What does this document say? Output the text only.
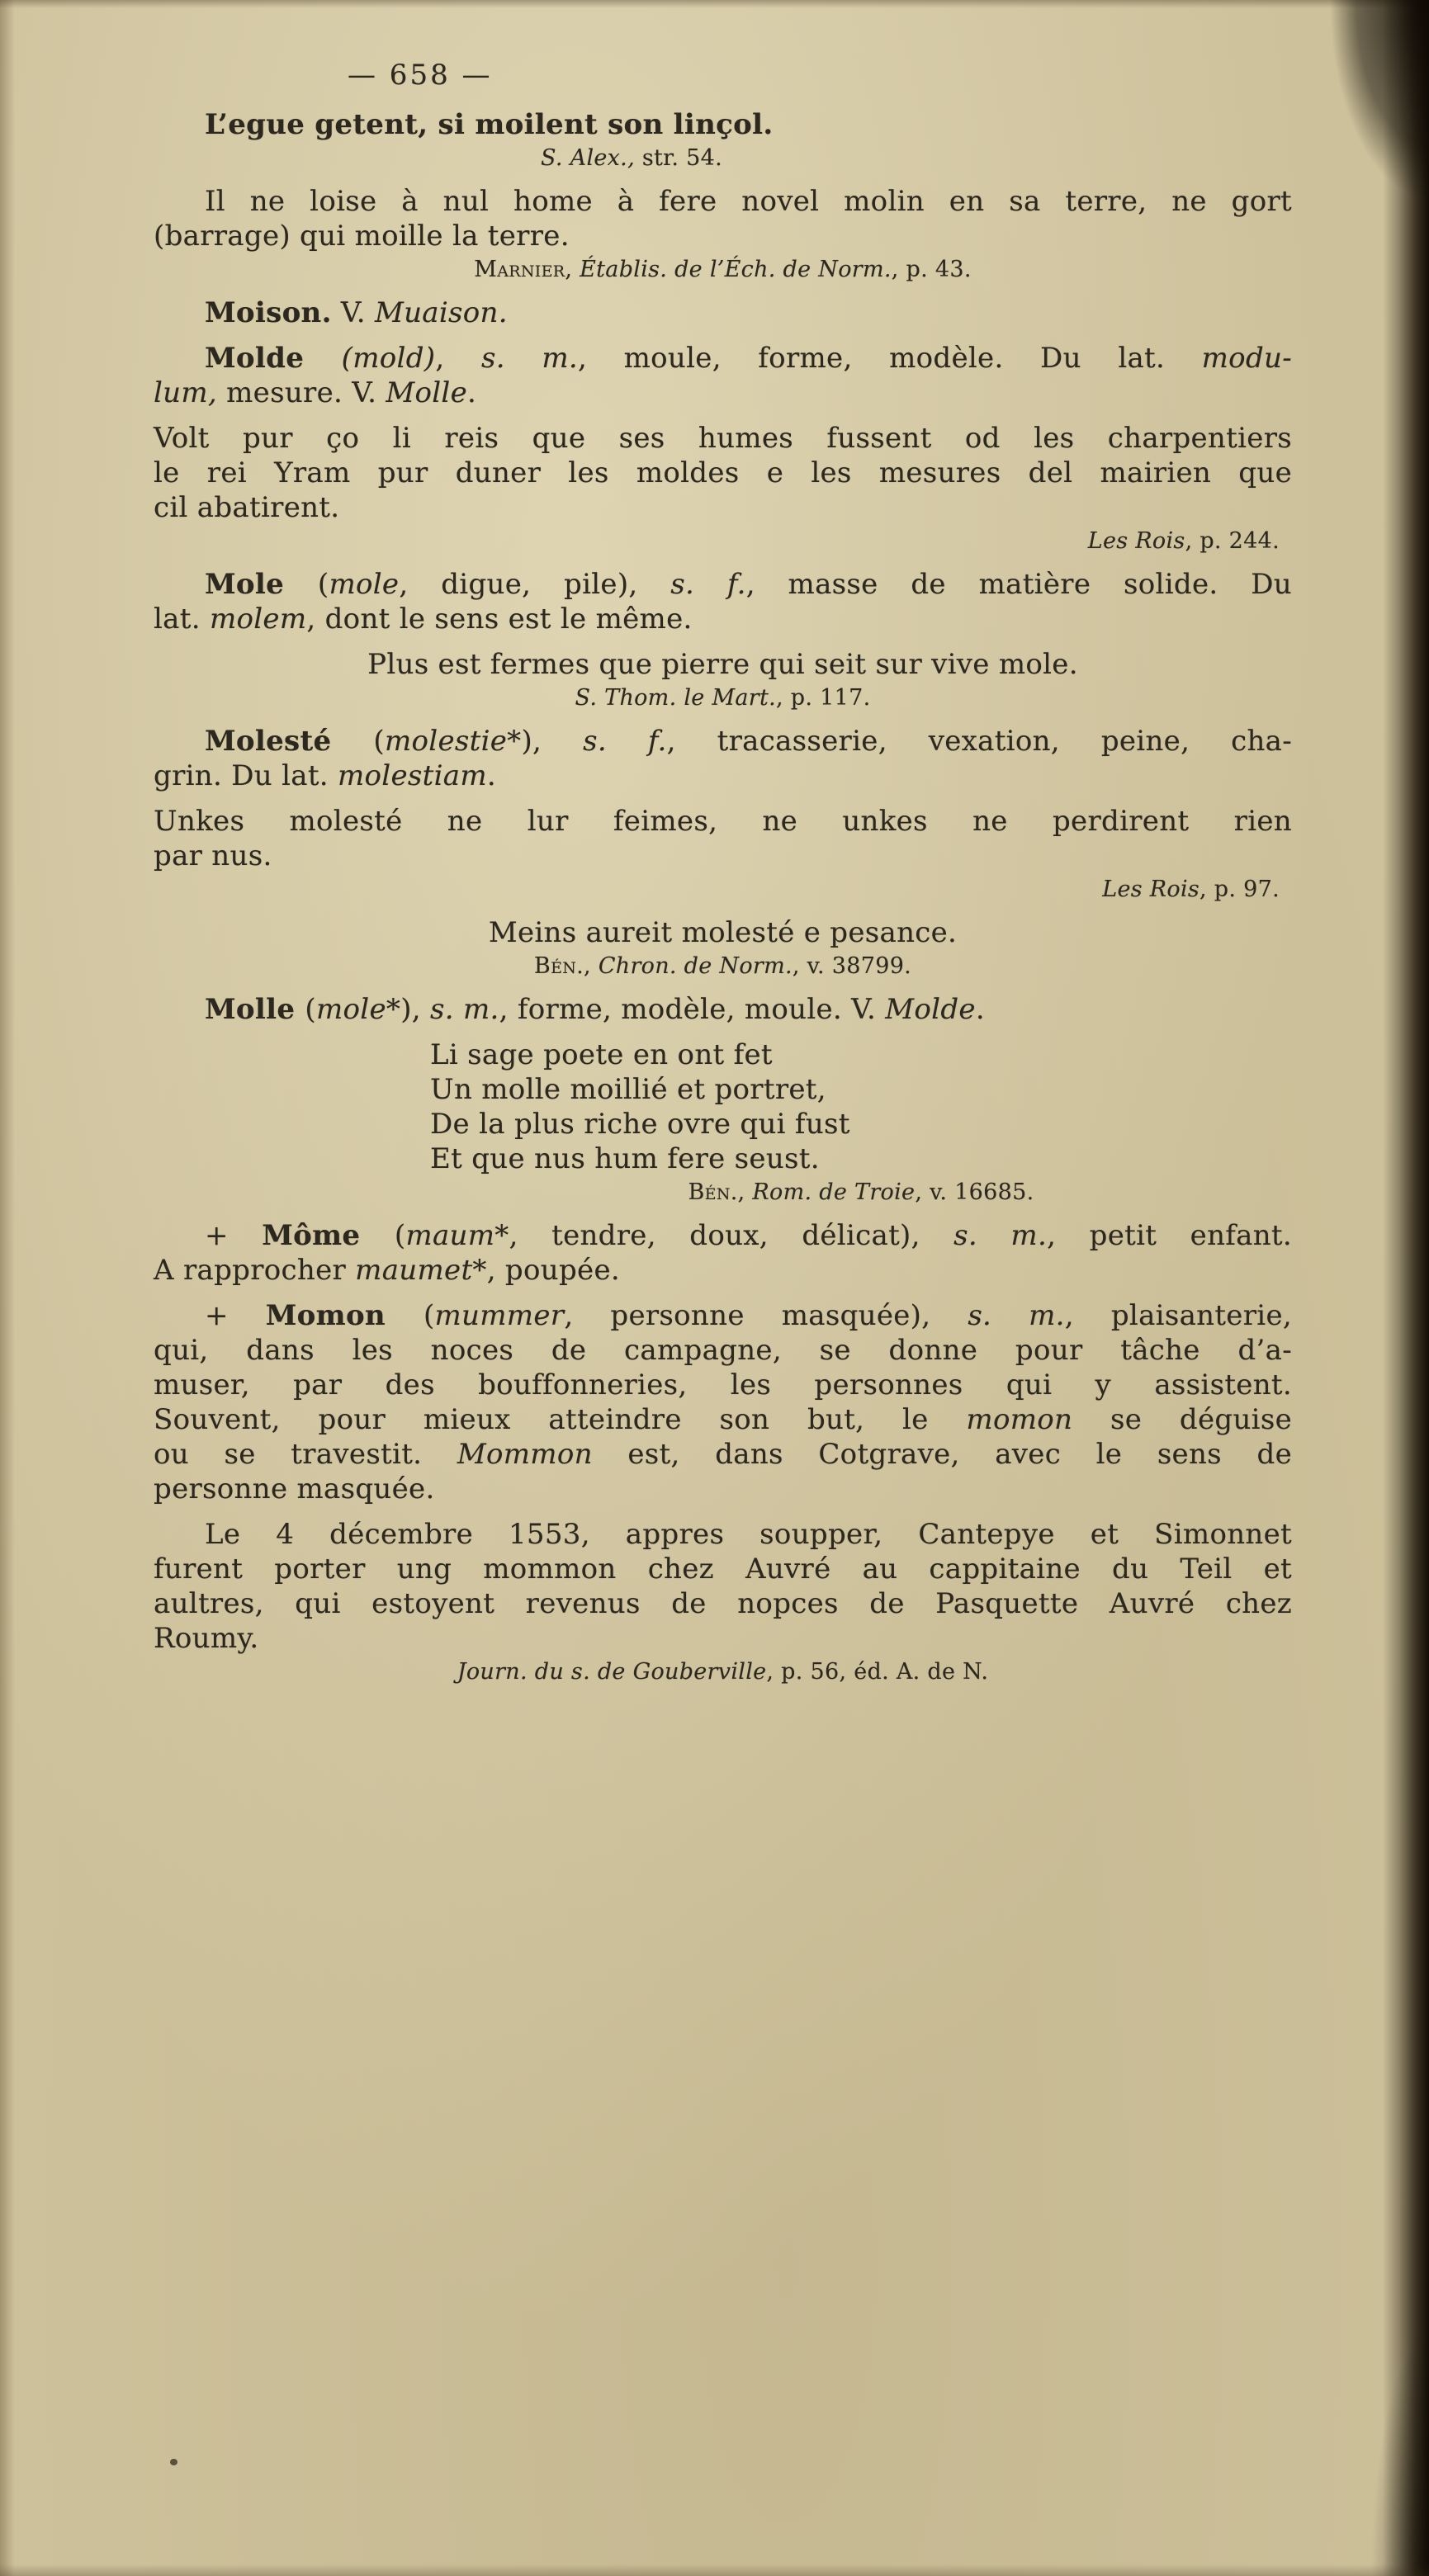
— 658 —
L’egue getent, si moilent son linçol.
S. Alex., str. 54.
Il ne loise à nul home à fere novel molin en sa terre, ne gort
(barrage) qui moille la terre.
Marnier, Établis. de l’Éch. de Norm., p. 43.
Moison. V. Muaison.
Molde (mold), s. m., moule, forme, modèle. Du lat. modu-
lum, mesure. V. Molle.
Volt pur ço li reis que ses humes fussent od les charpentiers
le rei Yram pur duner les moldes e les mesures del mairien que
cil abatirent.
Les Rois, p. 244.
Mole (mole, digue, pile), s. f., masse de matière solide. Du
lat. molem, dont le sens est le même.
Plus est fermes que pierre qui seit sur vive mole.
S. Thom. le Mart., p. 117.
Molesté (molestie*), s. f., tracasserie, vexation, peine, cha-
grin. Du lat. molestiam.
Unkes molesté ne lur feimes, ne unkes ne perdirent rien
par nus.
Les Rois, p. 97.
Meins aureit molesté e pesance.
Bén., Chron. de Norm., v. 38799.
Molle (mole*), s. m., forme, modèle, moule. V. Molde.
Li sage poete en ont fet
Un molle moillié et portret,
De la plus riche ovre qui fust
Et que nus hum fere seust.
Bén., Rom. de Troie, v. 16685.
+ Môme (maum*, tendre, doux, délicat), s. m., petit enfant.
A rapprocher maumet*, poupée.
+ Momon (mummer, personne masquée), s. m., plaisanterie,
qui, dans les noces de campagne, se donne pour tâche d’a-
muser, par des bouffonneries, les personnes qui y assistent.
Souvent, pour mieux atteindre son but, le momon se déguise
ou se travestit. Mommon est, dans Cotgrave, avec le sens de
personne masquée.
Le 4 décembre 1553, appres soupper, Cantepye et Simonnet
furent porter ung mommon chez Auvré au cappitaine du Teil et
aultres, qui estoyent revenus de nopces de Pasquette Auvré chez
Roumy.
Journ. du s. de Gouberville, p. 56, éd. A. de N.
